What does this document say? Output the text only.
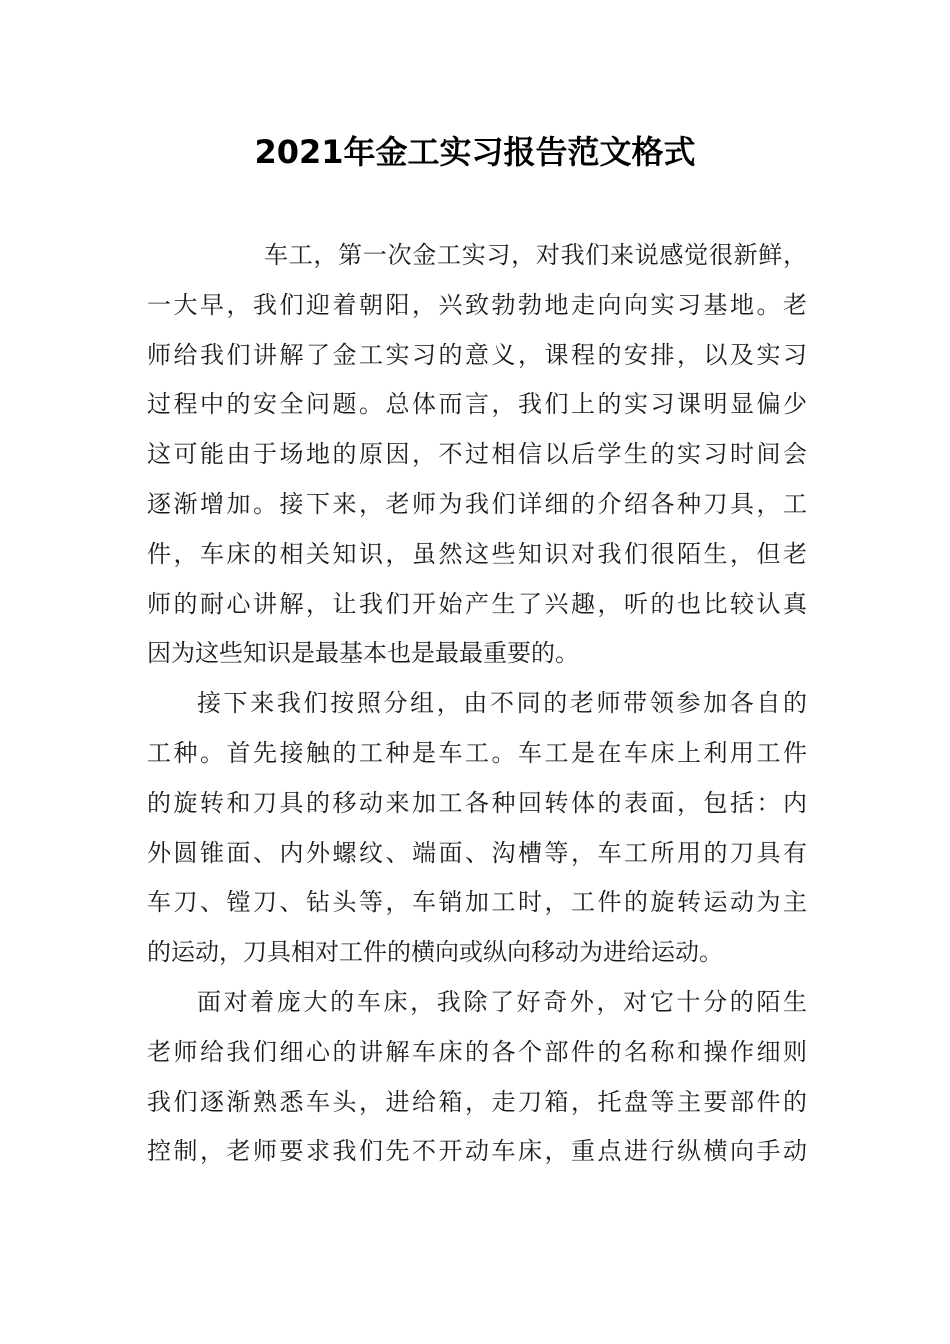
2021年金工实习报告范文格式
车工，第一次金工实习，对我们来说感觉很新鲜，
一大早，我们迎着朝阳，兴致勃勃地走向向实习基地。老
师给我们讲解了金工实习的意义，课程的安排，以及实习
过程中的安全问题。总体而言，我们上的实习课明显偏少
这可能由于场地的原因，不过相信以后学生的实习时间会
逐渐增加。接下来，老师为我们详细的介绍各种刀具，工
件，车床的相关知识，虽然这些知识对我们很陌生，但老
师的耐心讲解，让我们开始产生了兴趣，听的也比较认真
因为这些知识是最基本也是最最重要的。
接下来我们按照分组，由不同的老师带领参加各自的
工种。首先接触的工种是车工。车工是在车床上利用工件
的旋转和刀具的移动来加工各种回转体的表面，包括：内
外圆锥面、内外螺纹、端面、沟槽等，车工所用的刀具有
车刀、镗刀、钻头等，车销加工时，工件的旋转运动为主
的运动，刀具相对工件的横向或纵向移动为进给运动。
面对着庞大的车床，我除了好奇外，对它十分的陌生
老师给我们细心的讲解车床的各个部件的名称和操作细则
我们逐渐熟悉车头，进给箱，走刀箱，托盘等主要部件的
控制，老师要求我们先不开动车床，重点进行纵横向手动
